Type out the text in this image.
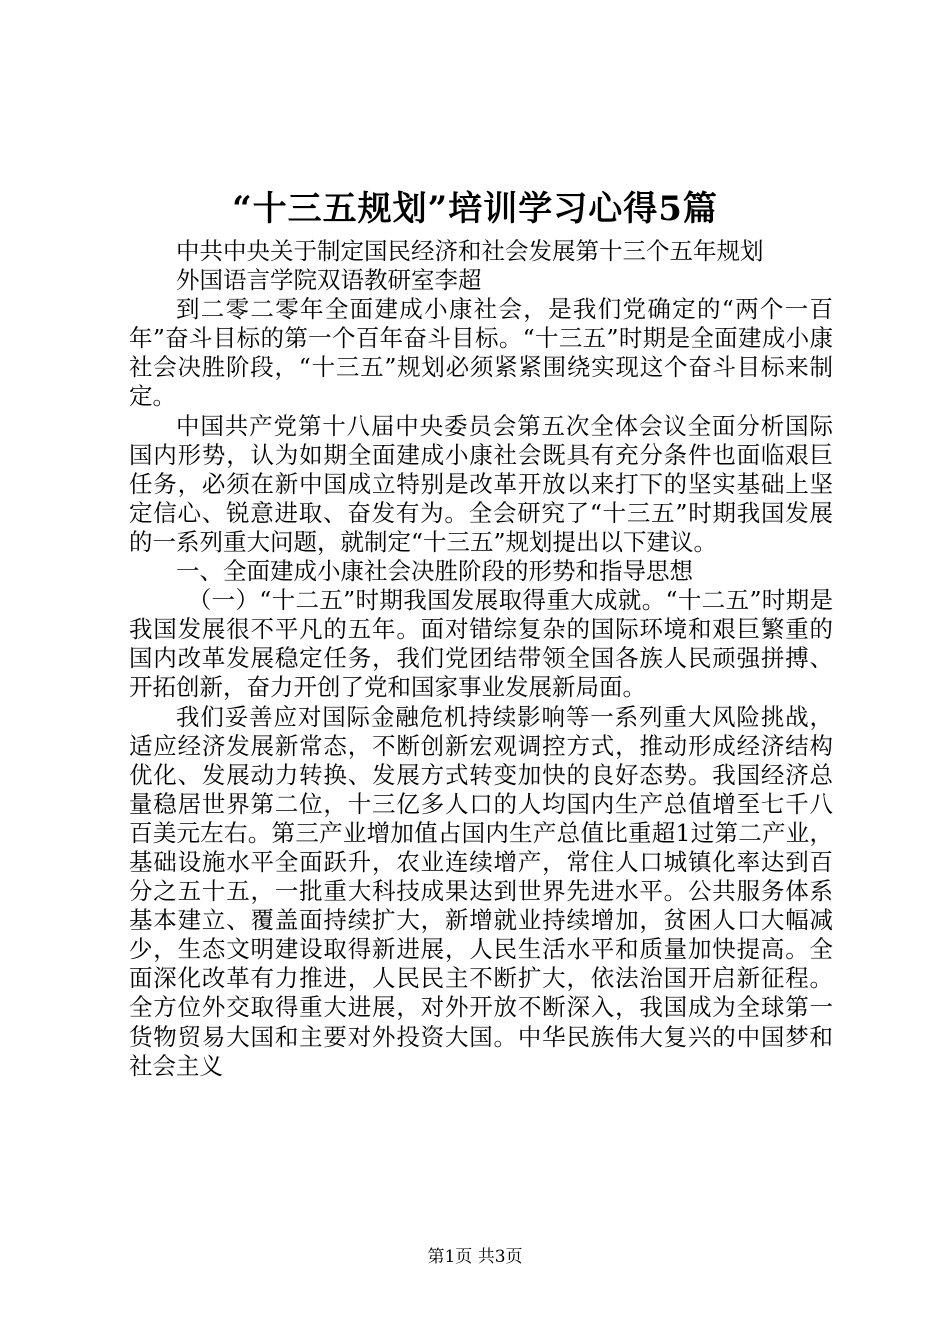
“十三五规划”培训学习心得5篇

中共中央关于制定国民经济和社会发展第十三个五年规划

外国语言学院双语教研室李超

到二零二零年全面建成小康社会，是我们党确定的“两个一百年”奋斗目标的第一个百年奋斗目标。“十三五”时期是全面建成小康社会决胜阶段，“十三五”规划必须紧紧围绕实现这个奋斗目标来制定。

中国共产党第十八届中央委员会第五次全体会议全面分析国际国内形势，认为如期全面建成小康社会既具有充分条件也面临艰巨任务，必须在新中国成立特别是改革开放以来打下的坚实基础上坚定信心、锐意进取、奋发有为。全会研究了“十三五”时期我国发展的一系列重大问题，就制定“十三五”规划提出以下建议。

一、全面建成小康社会决胜阶段的形势和指导思想

（一）“十二五”时期我国发展取得重大成就。“十二五”时期是我国发展很不平凡的五年。面对错综复杂的国际环境和艰巨繁重的国内改革发展稳定任务，我们党团结带领全国各族人民顽强拼搏、开拓创新，奋力开创了党和国家事业发展新局面。

我们妥善应对国际金融危机持续影响等一系列重大风险挑战，适应经济发展新常态，不断创新宏观调控方式，推动形成经济结构优化、发展动力转换、发展方式转变加快的良好态势。我国经济总量稳居世界第二位，十三亿多人口的人均国内生产总值增至七千八百美元左右。第三产业增加值占国内生产总值比重超1过第二产业，基础设施水平全面跃升，农业连续增产，常住人口城镇化率达到百分之五十五，一批重大科技成果达到世界先进水平。公共服务体系基本建立、覆盖面持续扩大，新增就业持续增加，贫困人口大幅减少，生态文明建设取得新进展，人民生活水平和质量加快提高。全面深化改革有力推进，人民民主不断扩大，依法治国开启新征程。全方位外交取得重大进展，对外开放不断深入，我国成为全球第一货物贸易大国和主要对外投资大国。中华民族伟大复兴的中国梦和社会主义

第1页 共3页
